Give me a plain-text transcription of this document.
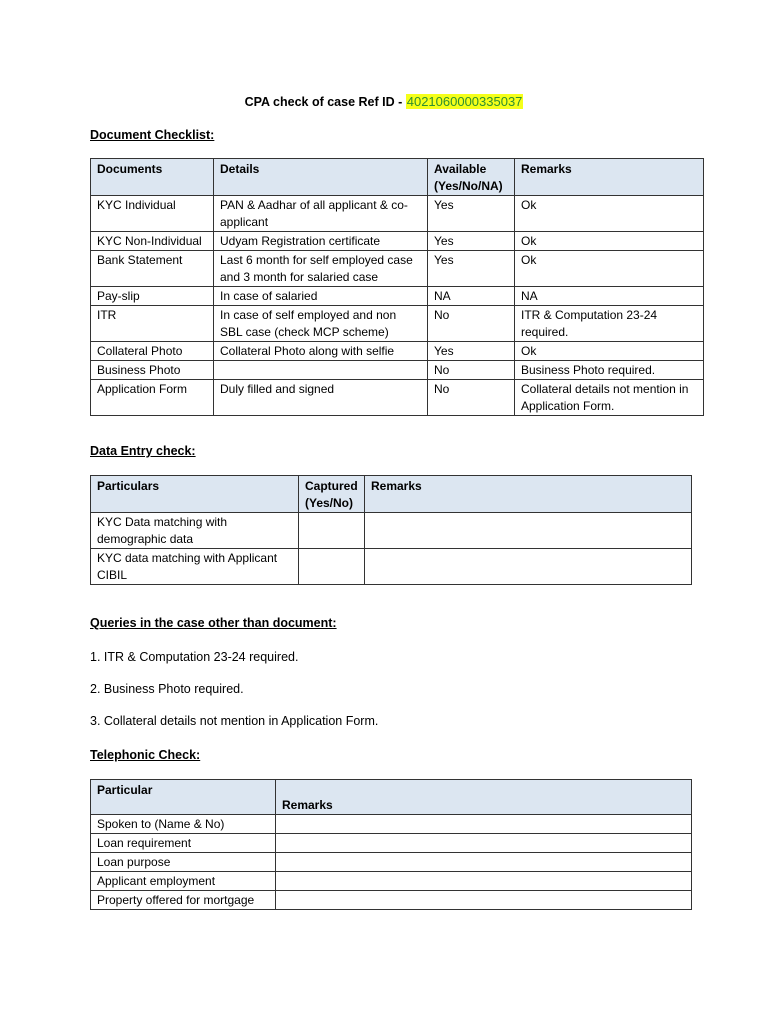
CPA check of case Ref ID - 4021060000335037
Document Checklist:
Documents	Details	Available (Yes/No/NA)	Remarks
KYC Individual	PAN & Aadhar of all applicant & co-applicant	Yes	Ok
KYC Non-Individual	Udyam Registration certificate	Yes	Ok
Bank Statement	Last 6 month for self employed case and 3 month for salaried case	Yes	Ok
Pay-slip	In case of salaried	NA	NA
ITR	In case of self employed and non SBL case (check MCP scheme)	No	ITR & Computation 23-24 required.
Collateral Photo	Collateral Photo along with selfie	Yes	Ok
Business Photo		No	Business Photo required.
Application Form	Duly filled and signed	No	Collateral details not mention in Application Form.
Data Entry check:
Particulars	Captured (Yes/No)	Remarks
KYC Data matching with demographic data		
KYC data matching with Applicant CIBIL		
Queries in the case other than document:
1. ITR & Computation 23-24 required.
2. Business Photo required.
3. Collateral details not mention in Application Form.
Telephonic Check:
Particular	Remarks
Spoken to (Name & No)	
Loan requirement	
Loan purpose	
Applicant employment	
Property offered for mortgage	
